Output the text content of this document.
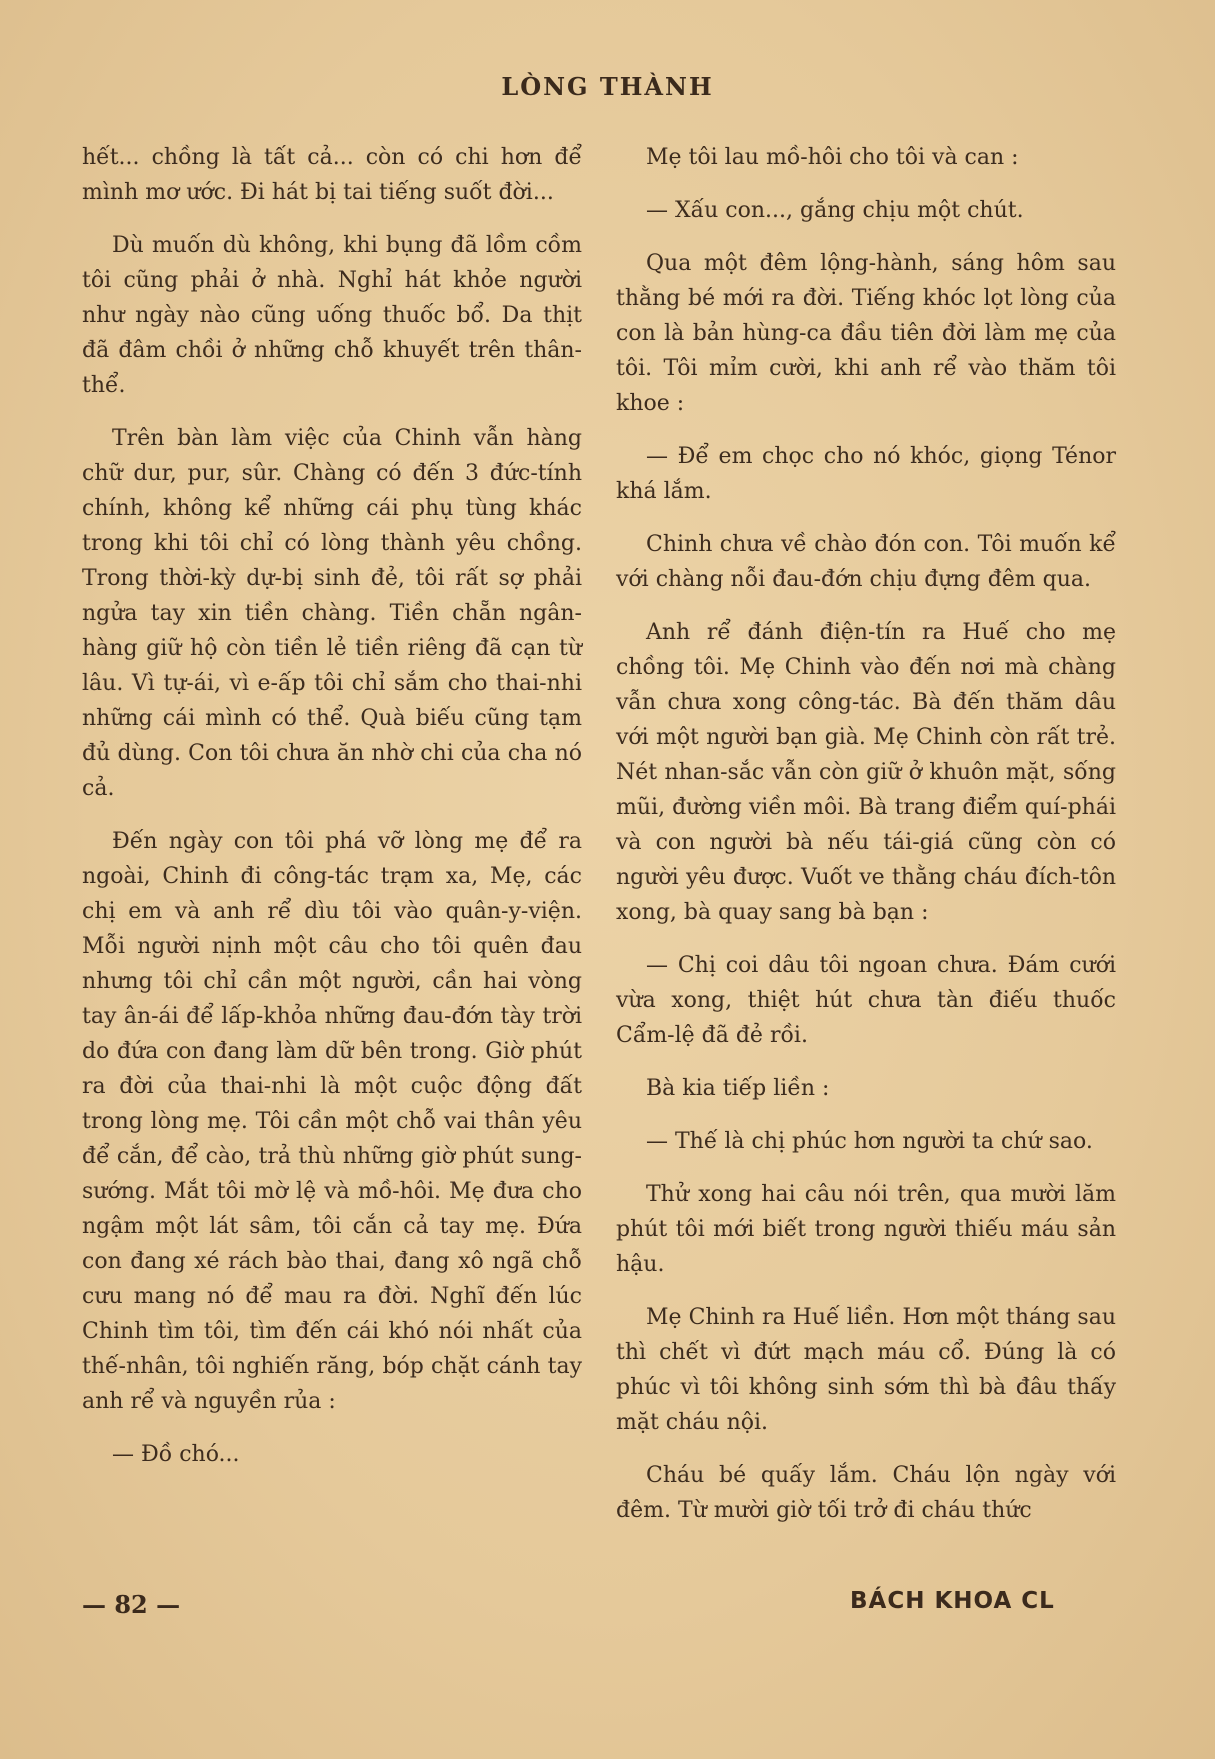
LÒNG THÀNH

hết... chồng là tất cả... còn có chi hơn để mình mơ ước. Đi hát bị tai tiếng suốt đời...

Dù muốn dù không, khi bụng đã lồm cồm tôi cũng phải ở nhà. Nghỉ hát khỏe người như ngày nào cũng uống thuốc bổ. Da thịt đã đâm chồi ở những chỗ khuyết trên thân-thể.

Trên bàn làm việc của Chinh vẫn hàng chữ dur, pur, sûr. Chàng có đến 3 đức-tính chính, không kể những cái phụ tùng khác trong khi tôi chỉ có lòng thành yêu chồng. Trong thời-kỳ dự-bị sinh đẻ, tôi rất sợ phải ngửa tay xin tiền chàng. Tiền chẵn ngân-hàng giữ hộ còn tiền lẻ tiền riêng đã cạn từ lâu. Vì tự-ái, vì e-ấp tôi chỉ sắm cho thai-nhi những cái mình có thể. Quà biếu cũng tạm đủ dùng. Con tôi chưa ăn nhờ chi của cha nó cả.

Đến ngày con tôi phá vỡ lòng mẹ để ra ngoài, Chinh đi công-tác trạm xa, Mẹ, các chị em và anh rể dìu tôi vào quân-y-viện. Mỗi người nịnh một câu cho tôi quên đau nhưng tôi chỉ cần một người, cần hai vòng tay ân-ái để lấp-khỏa những đau-đớn tày trời do đứa con đang làm dữ bên trong. Giờ phút ra đời của thai-nhi là một cuộc động đất trong lòng mẹ. Tôi cần một chỗ vai thân yêu để cắn, để cào, trả thù những giờ phút sung-sướng. Mắt tôi mờ lệ và mồ-hôi. Mẹ đưa cho ngậm một lát sâm, tôi cắn cả tay mẹ. Đứa con đang xé rách bào thai, đang xô ngã chỗ cưu mang nó để mau ra đời. Nghĩ đến lúc Chinh tìm tôi, tìm đến cái khó nói nhất của thế-nhân, tôi nghiến răng, bóp chặt cánh tay anh rể và nguyền rủa :

— Đồ chó...

Mẹ tôi lau mồ-hôi cho tôi và can :

— Xấu con..., gắng chịu một chút.

Qua một đêm lộng-hành, sáng hôm sau thằng bé mới ra đời. Tiếng khóc lọt lòng của con là bản hùng-ca đầu tiên đời làm mẹ của tôi. Tôi mỉm cười, khi anh rể vào thăm tôi khoe :

— Để em chọc cho nó khóc, giọng Ténor khá lắm.

Chinh chưa về chào đón con. Tôi muốn kể với chàng nỗi đau-đớn chịu đựng đêm qua.

Anh rể đánh điện-tín ra Huế cho mẹ chồng tôi. Mẹ Chinh vào đến nơi mà chàng vẫn chưa xong công-tác. Bà đến thăm dâu với một người bạn già. Mẹ Chinh còn rất trẻ. Nét nhan-sắc vẫn còn giữ ở khuôn mặt, sống mũi, đường viền môi. Bà trang điểm quí-phái và con người bà nếu tái-giá cũng còn có người yêu được. Vuốt ve thằng cháu đích-tôn xong, bà quay sang bà bạn :

— Chị coi dâu tôi ngoan chưa. Đám cưới vừa xong, thiệt hút chưa tàn điếu thuốc Cẩm-lệ đã đẻ rồi.

Bà kia tiếp liền :

— Thế là chị phúc hơn người ta chứ sao.

Thử xong hai câu nói trên, qua mười lăm phút tôi mới biết trong người thiếu máu sản hậu.

Mẹ Chinh ra Huế liền. Hơn một tháng sau thì chết vì đứt mạch máu cổ. Đúng là có phúc vì tôi không sinh sớm thì bà đâu thấy mặt cháu nội.

Cháu bé quấy lắm. Cháu lộn ngày với đêm. Từ mười giờ tối trở đi cháu thức

— 82 —	BÁCH KHOA CL
